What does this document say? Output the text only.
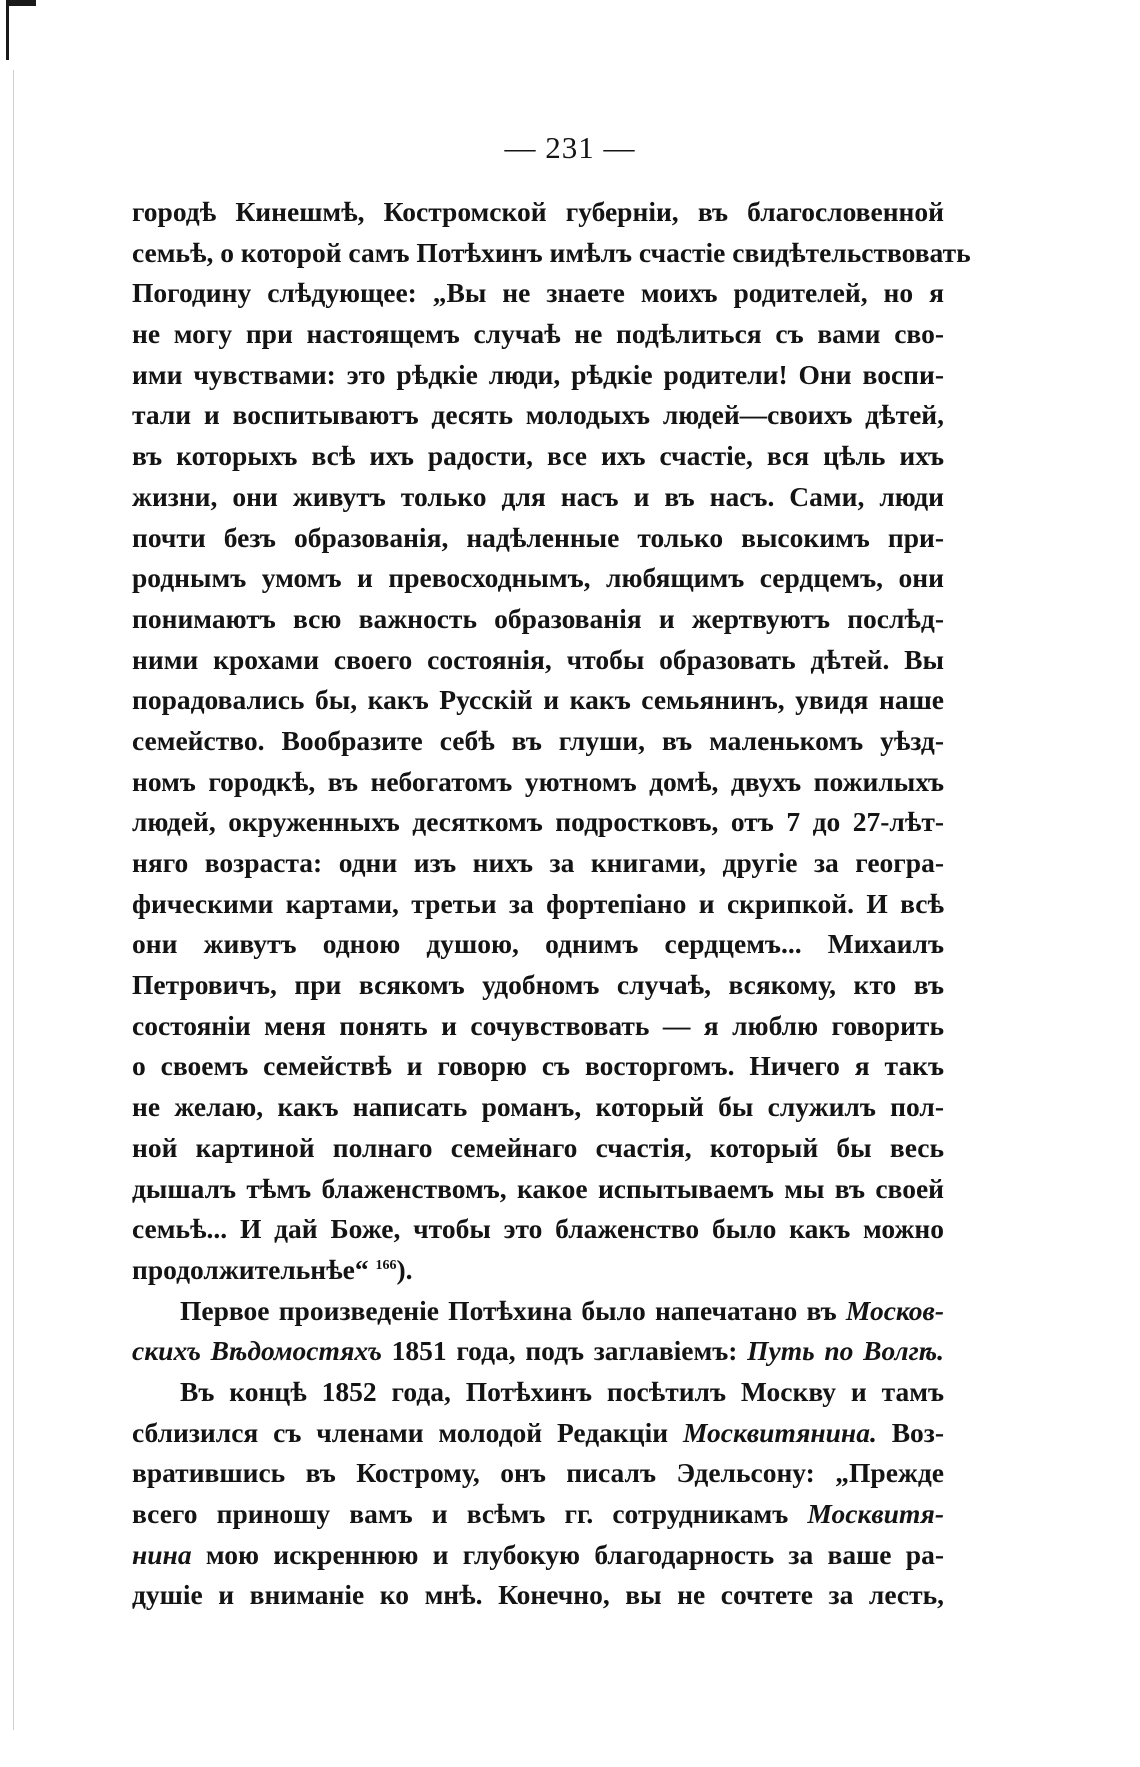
— 231 —
городѣ Кинешмѣ, Костромской губерніи, въ благословенной
семьѣ, о которой самъ Потѣхинъ имѣлъ счастіе свидѣтельствовать
Погодину слѣдующее: „Вы не знаете моихъ родителей, но я
не могу при настоящемъ случаѣ не подѣлиться съ вами сво-
ими чувствами: это рѣдкіе люди, рѣдкіе родители! Они воспи-
тали и воспитываютъ десять молодыхъ людей—своихъ дѣтей,
въ которыхъ всѣ ихъ радости, все ихъ счастіе, вся цѣль ихъ
жизни, они живутъ только для насъ и въ насъ. Сами, люди
почти безъ образованія, надѣленные только высокимъ при-
роднымъ умомъ и превосходнымъ, любящимъ сердцемъ, они
понимаютъ всю важность образованія и жертвуютъ послѣд-
ними крохами своего состоянія, чтобы образовать дѣтей. Вы
порадовались бы, какъ Русскій и какъ семьянинъ, увидя наше
семейство. Вообразите себѣ въ глуши, въ маленькомъ уѣзд-
номъ городкѣ, въ небогатомъ уютномъ домѣ, двухъ пожилыхъ
людей, окруженныхъ десяткомъ подростковъ, отъ 7 до 27-лѣт-
няго возраста: одни изъ нихъ за книгами, другіе за геогра-
фическими картами, третьи за фортепіано и скрипкой. И всѣ
они живутъ одною душою, однимъ сердцемъ... Михаилъ
Петровичъ, при всякомъ удобномъ случаѣ, всякому, кто въ
состояніи меня понять и сочувствовать — я люблю говорить
о своемъ семействѣ и говорю съ восторгомъ. Ничего я такъ
не желаю, какъ написать романъ, который бы служилъ пол-
ной картиной полнаго семейнаго счастія, который бы весь
дышалъ тѣмъ блаженствомъ, какое испытываемъ мы въ своей
семьѣ... И дай Боже, чтобы это блаженство было какъ можно
продолжительнѣе“ $^{166}$).
Первое произведеніе Потѣхина было напечатано въ Москов-
скихъ Вѣдомостяхъ 1851 года, подъ заглавіемъ: Путь по Волгѣ.
Въ концѣ 1852 года, Потѣхинъ посѣтилъ Москву и тамъ
сблизился съ членами молодой Редакціи Москвитянина. Воз-
вратившись въ Кострому, онъ писалъ Эдельсону: „Прежде
всего приношу вамъ и всѣмъ гг. сотрудникамъ Москвитя-
нина мою искреннюю и глубокую благодарность за ваше ра-
душіе и вниманіе ко мнѣ. Конечно, вы не сочтете за лесть,
